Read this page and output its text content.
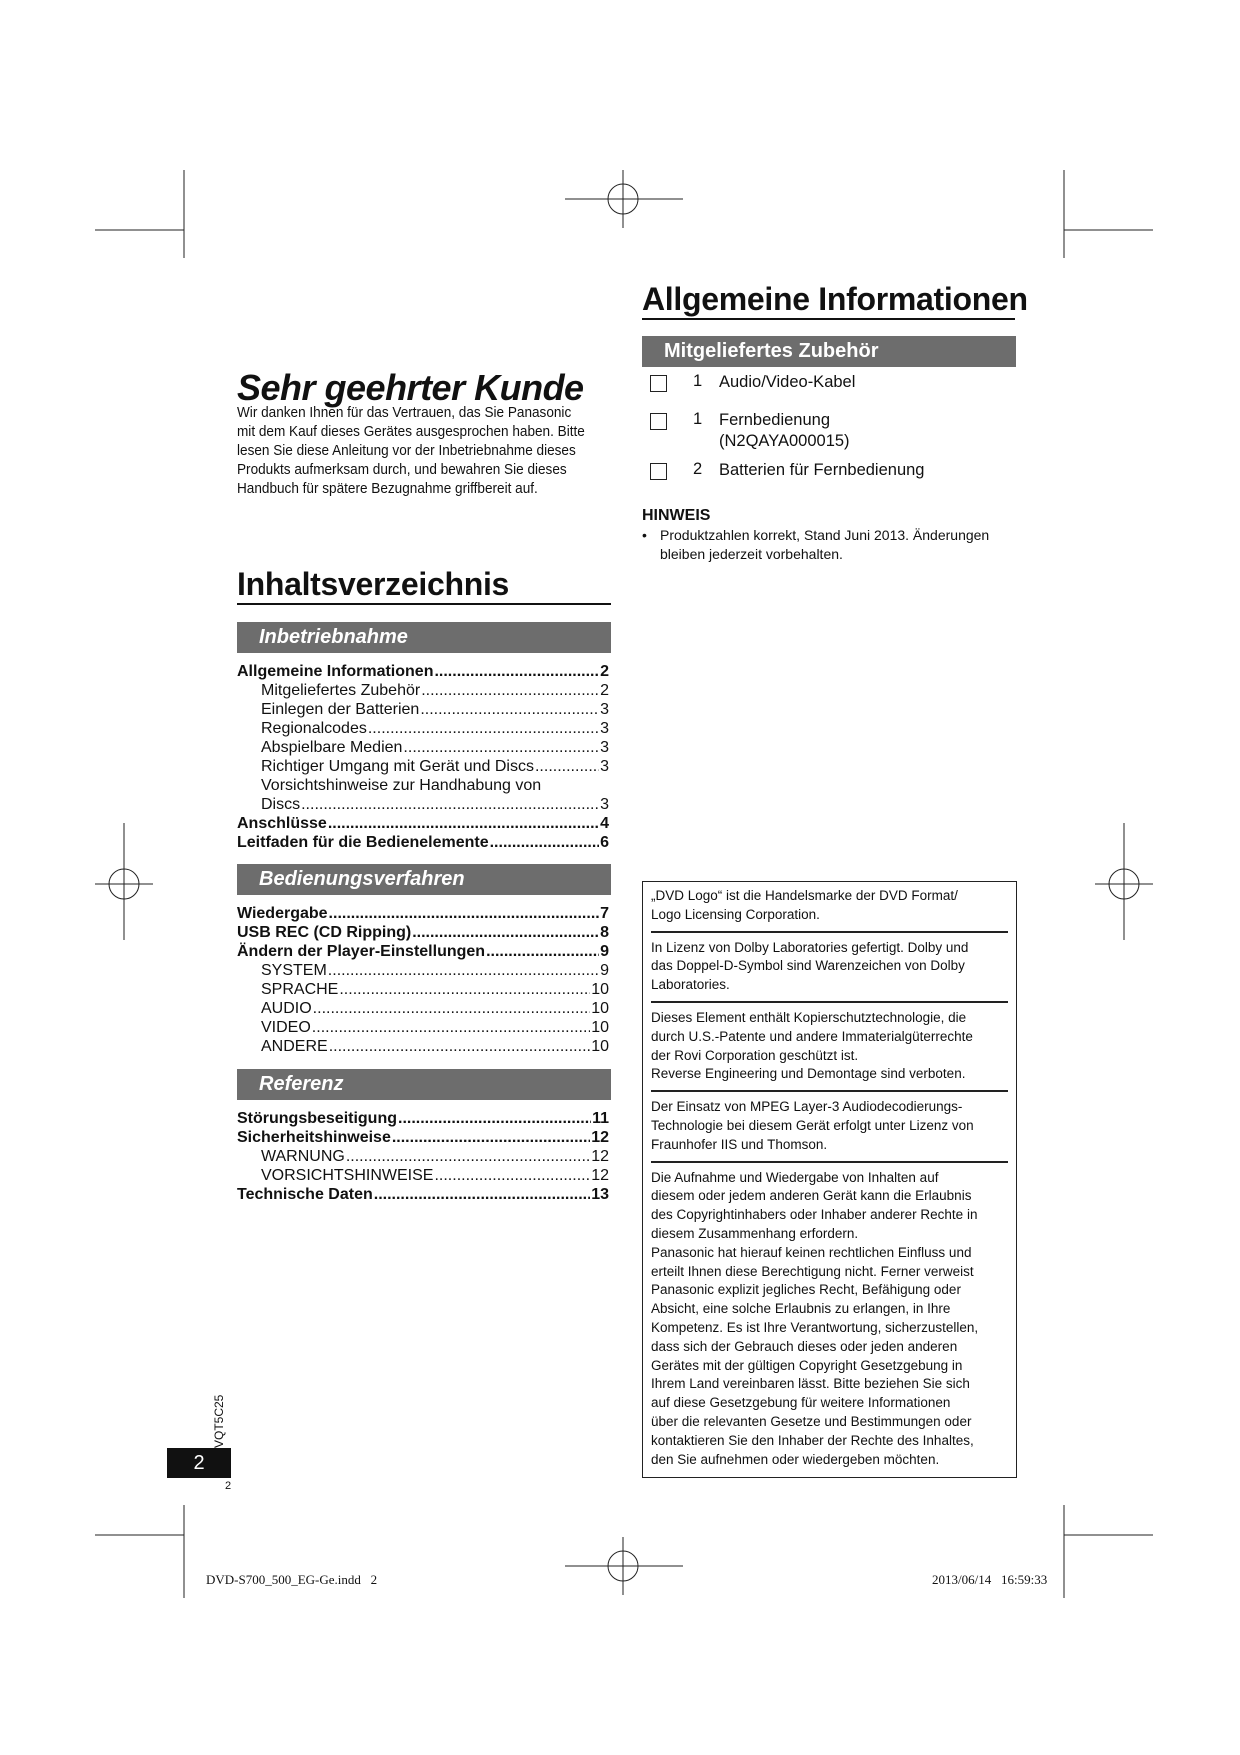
Sehr geehrter Kunde
Wir danken Ihnen für das Vertrauen, das Sie Panasonic mit dem Kauf dieses Gerätes ausgesprochen haben. Bitte lesen Sie diese Anleitung vor der Inbetriebnahme dieses Produkts aufmerksam durch, und bewahren Sie dieses Handbuch für spätere Bezugnahme griffbereit auf.
Inhaltsverzeichnis
Inbetriebnahme
Allgemeine Informationen .....	2
Mitgeliefertes Zubehör .....	2
Einlegen der Batterien .....	3
Regionalcodes .....	3
Abspielbare Medien .....	3
Richtiger Umgang mit Gerät und Discs .....	3
Vorsichtshinweise zur Handhabung von
Discs .....	3
Anschlüsse .....	4
Leitfaden für die Bedienelemente .....	6
Bedienungsverfahren
Wiedergabe .....	7
USB REC (CD Ripping) .....	8
Ändern der Player-Einstellungen .....	9
SYSTEM .....	9
SPRACHE .....	10
AUDIO .....	10
VIDEO .....	10
ANDERE .....	10
Referenz
Störungsbeseitigung .....	11
Sicherheitshinweise .....	12
WARNUNG .....	12
VORSICHTSHINWEISE .....	12
Technische Daten .....	13
Allgemeine Informationen
Mitgeliefertes Zubehör
1 Audio/Video-Kabel
1 Fernbedienung
(N2QAYA000015)
2 Batterien für Fernbedienung
HINWEIS
• Produktzahlen korrekt, Stand Juni 2013. Änderungen bleiben jederzeit vorbehalten.
„DVD Logo“ ist die Handelsmarke der DVD Format/
Logo Licensing Corporation.
In Lizenz von Dolby Laboratories gefertigt. Dolby und
das Doppel-D-Symbol sind Warenzeichen von Dolby
Laboratories.
Dieses Element enthält Kopierschutztechnologie, die
durch U.S.-Patente und andere Immaterialgüterrechte
der Rovi Corporation geschützt ist.
Reverse Engineering und Demontage sind verboten.
Der Einsatz von MPEG Layer-3 Audiodecodierungs-
Technologie bei diesem Gerät erfolgt unter Lizenz von
Fraunhofer IIS und Thomson.
Die Aufnahme und Wiedergabe von Inhalten auf
diesem oder jedem anderen Gerät kann die Erlaubnis
des Copyrightinhabers oder Inhaber anderer Rechte in
diesem Zusammenhang erfordern.
Panasonic hat hierauf keinen rechtlichen Einfluss und
erteilt Ihnen diese Berechtigung nicht. Ferner verweist
Panasonic explizit jegliches Recht, Befähigung oder
Absicht, eine solche Erlaubnis zu erlangen, in Ihre
Kompetenz. Es ist Ihre Verantwortung, sicherzustellen,
dass sich der Gebrauch dieses oder jeden anderen
Gerätes mit der gültigen Copyright Gesetzgebung in
Ihrem Land vereinbaren lässt. Bitte beziehen Sie sich
auf diese Gesetzgebung für weitere Informationen
über die relevanten Gesetze und Bestimmungen oder
kontaktieren Sie den Inhaber der Rechte des Inhaltes,
den Sie aufnehmen oder wiedergeben möchten.
VQT5C25
2
2
DVD-S700_500_EG-Ge.indd   2	2013/06/14   16:59:33
